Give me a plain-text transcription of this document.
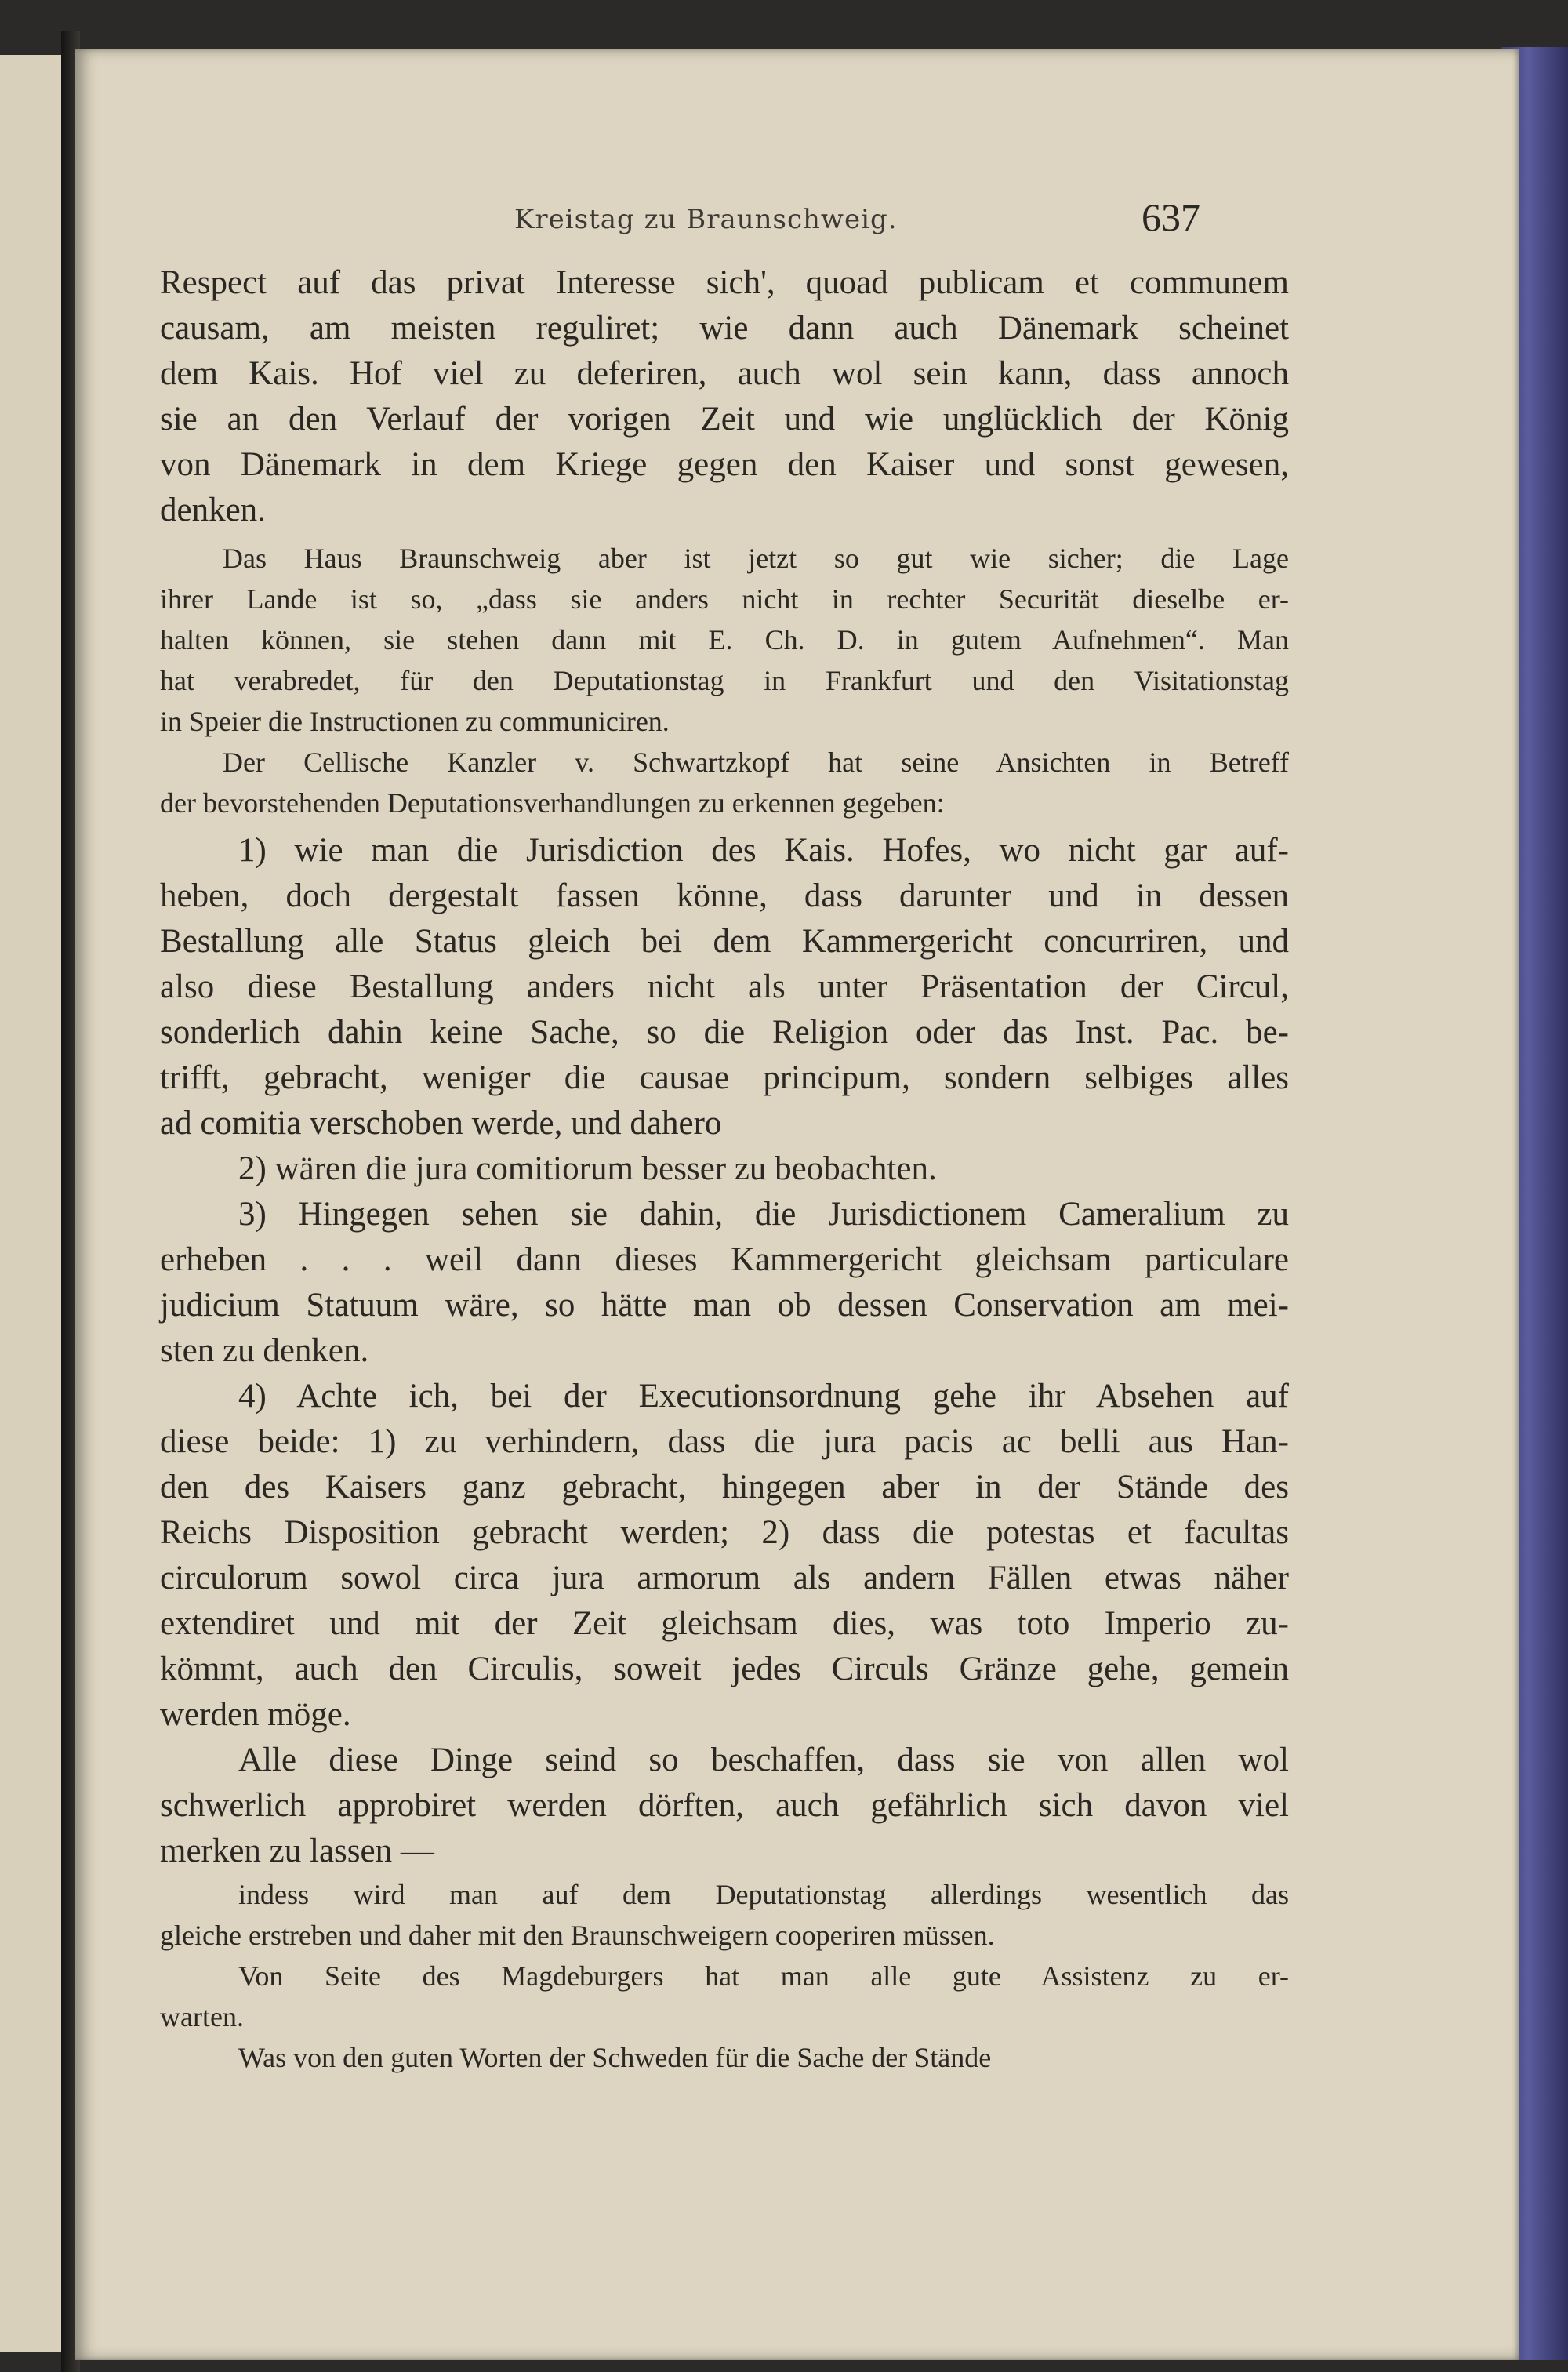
Kreistag zu Braunschweig.	637
Respect auf das privat Interesse sich', quoad publicam et communem
causam, am meisten reguliret; wie dann auch Dänemark scheinet
dem Kais. Hof viel zu deferiren, auch wol sein kann, dass annoch
sie an den Verlauf der vorigen Zeit und wie unglücklich der König
von Dänemark in dem Kriege gegen den Kaiser und sonst gewesen,
denken.
Das Haus Braunschweig aber ist jetzt so gut wie sicher; die Lage
ihrer Lande ist so, „dass sie anders nicht in rechter Securität dieselbe er-
halten können, sie stehen dann mit E. Ch. D. in gutem Aufnehmen“. Man
hat verabredet, für den Deputationstag in Frankfurt und den Visitationstag
in Speier die Instructionen zu communiciren.
Der Cellische Kanzler v. Schwartzkopf hat seine Ansichten in Betreff
der bevorstehenden Deputationsverhandlungen zu erkennen gegeben:
1) wie man die Jurisdiction des Kais. Hofes, wo nicht gar auf-
heben, doch dergestalt fassen könne, dass darunter und in dessen
Bestallung alle Status gleich bei dem Kammergericht concurriren, und
also diese Bestallung anders nicht als unter Präsentation der Circul,
sonderlich dahin keine Sache, so die Religion oder das Inst. Pac. be-
trifft, gebracht, weniger die causae principum, sondern selbiges alles
ad comitia verschoben werde, und dahero
2) wären die jura comitiorum besser zu beobachten.
3) Hingegen sehen sie dahin, die Jurisdictionem Cameralium zu
erheben . . . weil dann dieses Kammergericht gleichsam particulare
judicium Statuum wäre, so hätte man ob dessen Conservation am mei-
sten zu denken.
4) Achte ich, bei der Executionsordnung gehe ihr Absehen auf
diese beide: 1) zu verhindern, dass die jura pacis ac belli aus Han-
den des Kaisers ganz gebracht, hingegen aber in der Stände des
Reichs Disposition gebracht werden; 2) dass die potestas et facultas
circulorum sowol circa jura armorum als andern Fällen etwas näher
extendiret und mit der Zeit gleichsam dies, was toto Imperio zu-
kömmt, auch den Circulis, soweit jedes Circuls Gränze gehe, gemein
werden möge.
Alle diese Dinge seind so beschaffen, dass sie von allen wol
schwerlich approbiret werden dörften, auch gefährlich sich davon viel
merken zu lassen —
indess wird man auf dem Deputationstag allerdings wesentlich das
gleiche erstreben und daher mit den Braunschweigern cooperiren müssen.
Von Seite des Magdeburgers hat man alle gute Assistenz zu er-
warten.
Was von den guten Worten der Schweden für die Sache der Stände
